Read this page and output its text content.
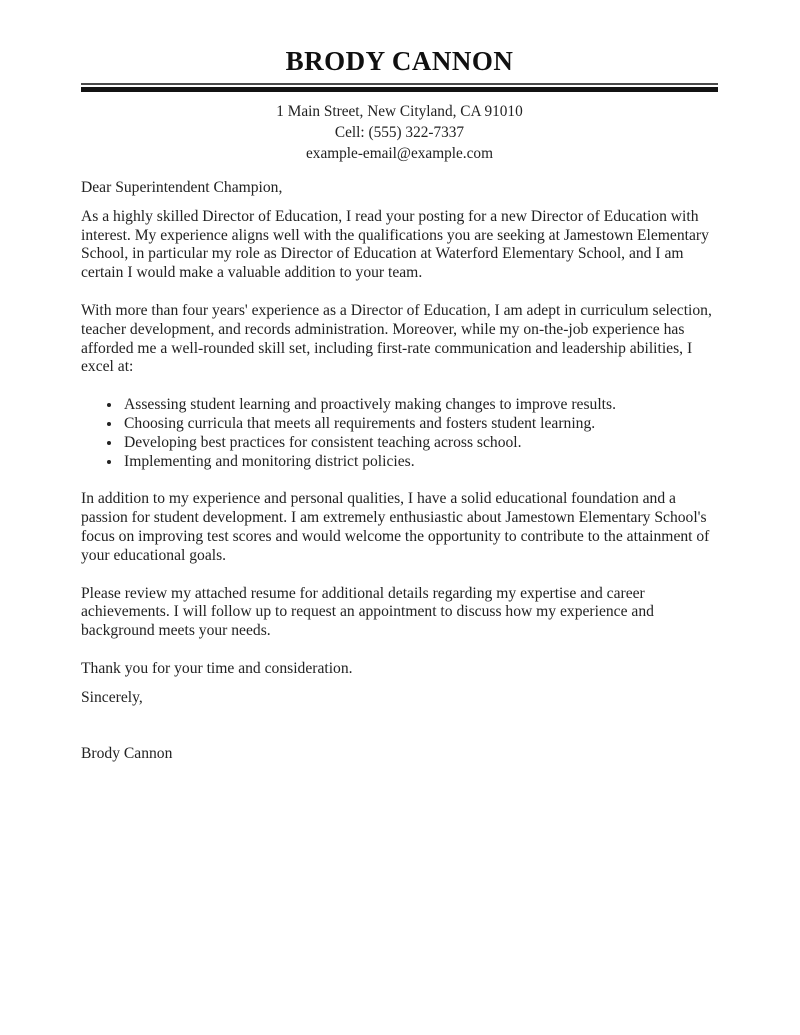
BRODY CANNON
1 Main Street, New Cityland, CA 91010
Cell: (555) 322-7337
example-email@example.com
Dear Superintendent Champion,

As a highly skilled Director of Education, I read your posting for a new Director of Education with interest. My experience aligns well with the qualifications you are seeking at Jamestown Elementary School, in particular my role as Director of Education at Waterford Elementary School, and I am certain I would make a valuable addition to your team.

With more than four years' experience as a Director of Education, I am adept in curriculum selection, teacher development, and records administration. Moreover, while my on-the-job experience has afforded me a well-rounded skill set, including first-rate communication and leadership abilities, I excel at:

• Assessing student learning and proactively making changes to improve results.
• Choosing curricula that meets all requirements and fosters student learning.
• Developing best practices for consistent teaching across school.
• Implementing and monitoring district policies.

In addition to my experience and personal qualities, I have a solid educational foundation and a passion for student development. I am extremely enthusiastic about Jamestown Elementary School's focus on improving test scores and would welcome the opportunity to contribute to the attainment of your educational goals.

Please review my attached resume for additional details regarding my expertise and career achievements. I will follow up to request an appointment to discuss how my experience and background meets your needs.

Thank you for your time and consideration.

Sincerely,

Brody Cannon
